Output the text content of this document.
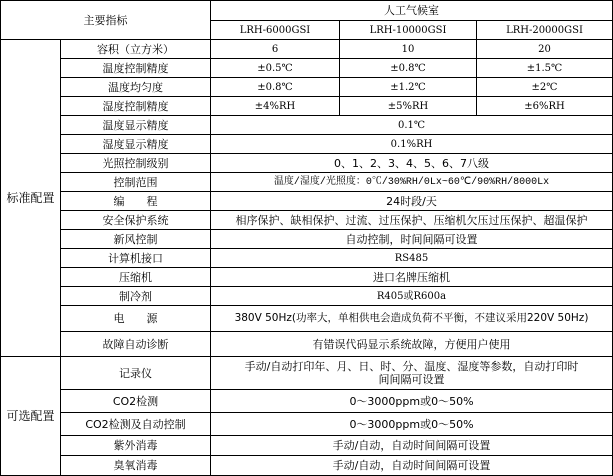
主要指标		人工气候室		
		LRH-6000GSI	LRH-10000GSI	LRH-20000GSI
标准配置	容积（立方米）	6	10	20
	温度控制精度	±0.5℃	±0.8℃	±1.5℃
	温度均匀度	±0.8℃	±1.2℃	±2℃
	湿度控制精度	±4%RH	±5%RH	±6%RH
	温度显示精度	0.1℃		
	湿度显示精度	0.1%RH		
	光照控制级别	0、1、2、3、4、5、6、7八级		
	控制范围	温度/湿度/光照度：0℃/30%RH/0Lx~60℃/90%RH/8000Lx		
	编　　程	24时段/天		
	安全保护系统	相序保护、缺相保护、过流、过压保护、压缩机欠压过压保护、超温保护		
	新风控制	自动控制，时间间隔可设置		
	计算机接口	RS485		
	压缩机	进口名牌压缩机		
	制冷剂	R405或R600a		
	电　　源	380V 50Hz(功率大，单相供电会造成负荷不平衡，不建议采用220V 50Hz)		
	故障自动诊断	有错误代码显示系统故障，方便用户使用		
可选配置	记录仪	手动/自动打印年、月、日、时、分、温度、湿度等参数，自动打印时间间隔可设置		
	CO2检测	0～3000ppm或0～50%		
	CO2检测及自动控制	0～3000ppm或0～50%		
	紫外消毒	手动/自动，自动时间间隔可设置		
	臭氧消毒	手动/自动，自动时间间隔可设置		
